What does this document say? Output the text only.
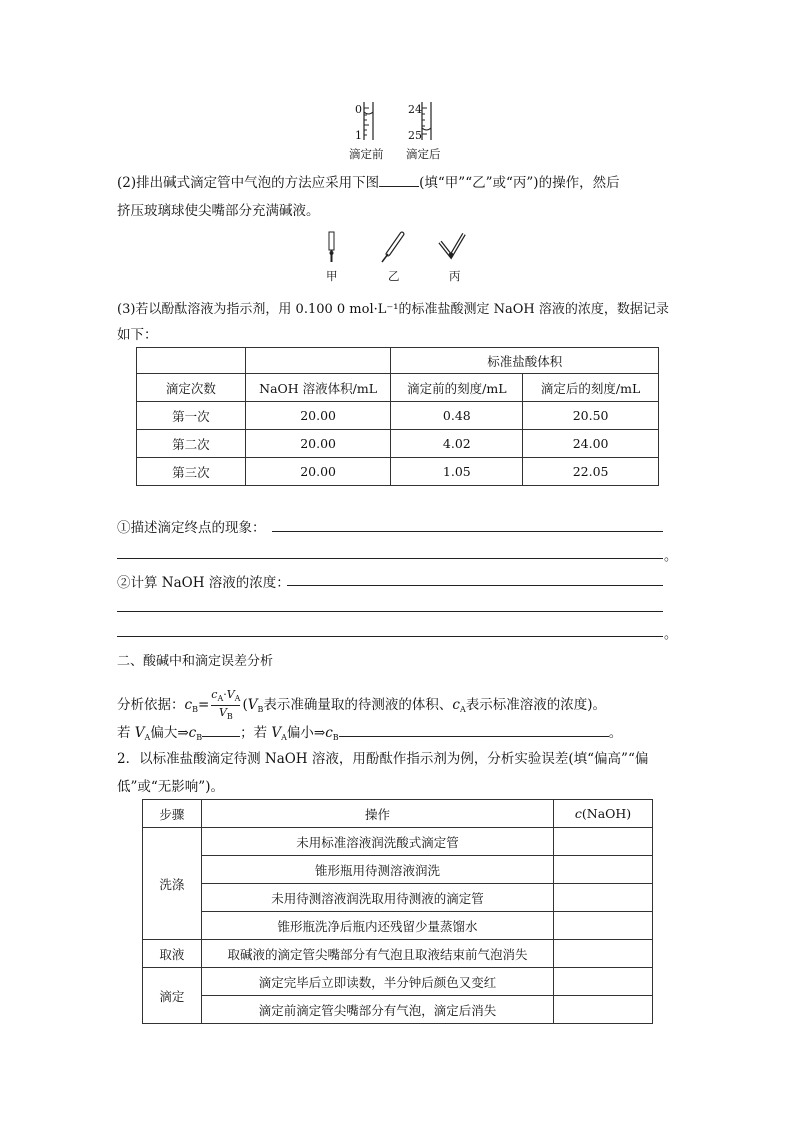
0
1
24
25
滴定前 滴定后
(2)排出碱式滴定管中气泡的方法应采用下图	(填“甲”“乙”或“丙”)的操作，然后
挤压玻璃球使尖嘴部分充满碱液。
甲	乙	丙
(3)若以酚酞溶液为指示剂，用 0.100 0 mol·L⁻¹的标准盐酸测定 NaOH 溶液的浓度，数据记录
如下：
		标准盐酸体积	
滴定次数	NaOH 溶液体积/mL	滴定前的刻度/mL	滴定后的刻度/mL
第一次	20.00	0.48	20.50
第二次	20.00	4.02	24.00
第三次	20.00	1.05	22.05
①描述滴定终点的现象：
。
②计算 NaOH 溶液的浓度：
。
二、酸碱中和滴定误差分析
分析依据：$c_B= \frac{c_A\cdot V_A}{V_B} (V_B$表示准确量取的待测液的体积、$c_A$表示标准溶液的浓度)。
若 $V_A$偏大$\Rightarrow c_B$	；若 $V_A$偏小$\Rightarrow c_B$	。
2．以标准盐酸滴定待测 NaOH 溶液，用酚酞作指示剂为例，分析实验误差(填“偏高”“偏
低”或“无影响”)。
步骤	操作	c(NaOH)
洗涤	未用标准溶液润洗酸式滴定管	
	锥形瓶用待测溶液润洗	
	未用待测溶液润洗取用待测液的滴定管	
	锥形瓶洗净后瓶内还残留少量蒸馏水	
取液	取碱液的滴定管尖嘴部分有气泡且取液结束前气泡消失	
滴定	滴定完毕后立即读数，半分钟后颜色又变红	
	滴定前滴定管尖嘴部分有气泡，滴定后消失	
